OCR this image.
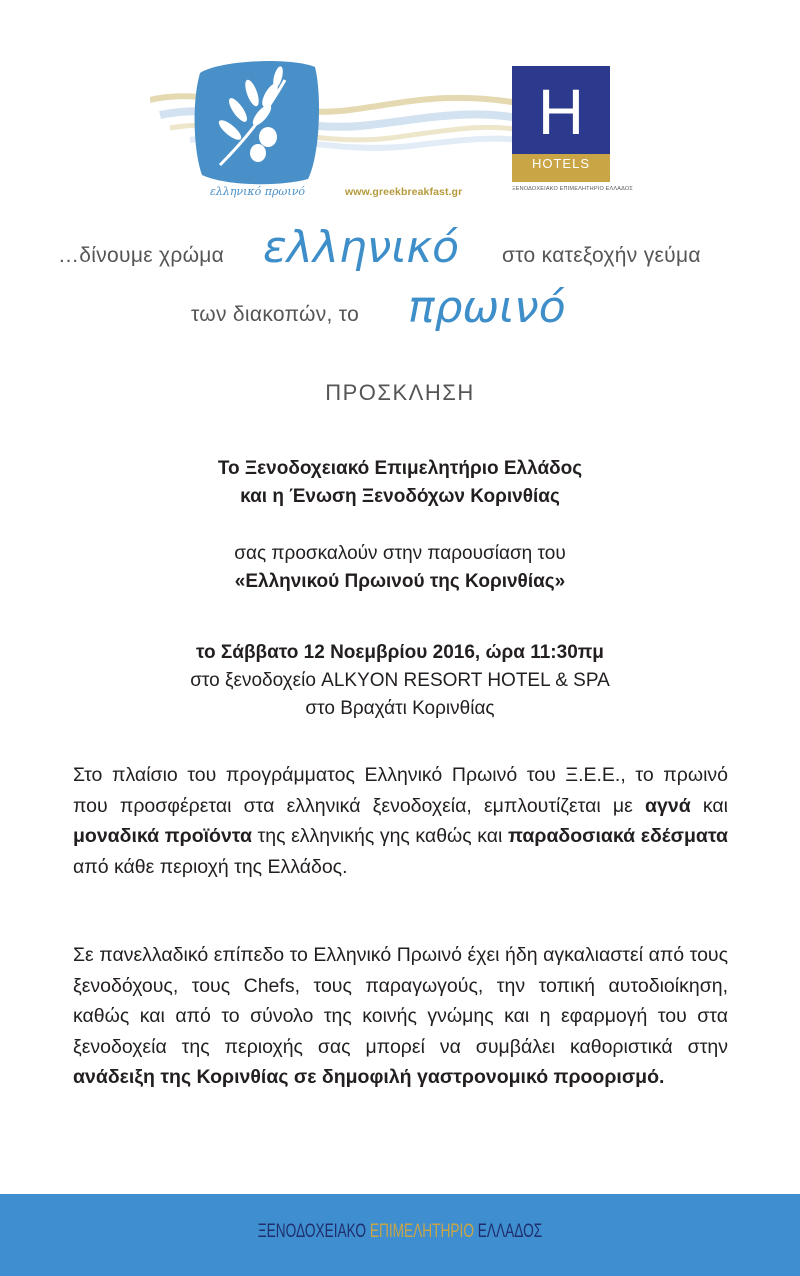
ελληνικό πρωινό	www.greekbreakfast.gr
H
HOTELS
ΞΕΝΟΔΟΧΕΙΑΚΟ ΕΠΙΜΕΛΗΤΗΡΙΟ ΕΛΛΑΔΟΣ
…δίνουμε χρώμα ελληνικό στο κατεξοχήν γεύμα
των διακοπών, το πρωινό
ΠΡΟΣΚΛΗΣΗ
Το Ξενοδοχειακό Επιμελητήριο Ελλάδος
και η Ένωση Ξενοδόχων Κορινθίας
σας προσκαλούν στην παρουσίαση του
«Ελληνικού Πρωινού της Κορινθίας»
το Σάββατο 12 Νοεμβρίου 2016, ώρα 11:30πμ
στο ξενοδοχείο ALKYON RESORT HOTEL & SPA
στο Βραχάτι Κορινθίας
Στο πλαίσιο του προγράμματος Ελληνικό Πρωινό του Ξ.Ε.Ε., το πρωινό που προσφέρεται στα ελληνικά ξενοδοχεία, εμπλουτίζεται με αγνά και μοναδικά προϊόντα της ελληνικής γης καθώς και παραδοσιακά εδέσματα από κάθε περιοχή της Ελλάδος.
Σε πανελλαδικό επίπεδο το Ελληνικό Πρωινό έχει ήδη αγκαλιαστεί από τους ξενοδόχους, τους Chefs, τους παραγωγούς, την τοπική αυτοδιοίκηση, καθώς και από το σύνολο της κοινής γνώμης και η εφαρμογή του στα ξενοδοχεία της περιοχής σας μπορεί να συμβάλει καθοριστικά στην ανάδειξη της Κορινθίας σε δημοφιλή γαστρονομικό προορισμό.
ΞΕΝΟΔΟΧΕΙΑΚΟ ΕΠΙΜΕΛΗΤΗΡΙΟ ΕΛΛΑΔΟΣ
